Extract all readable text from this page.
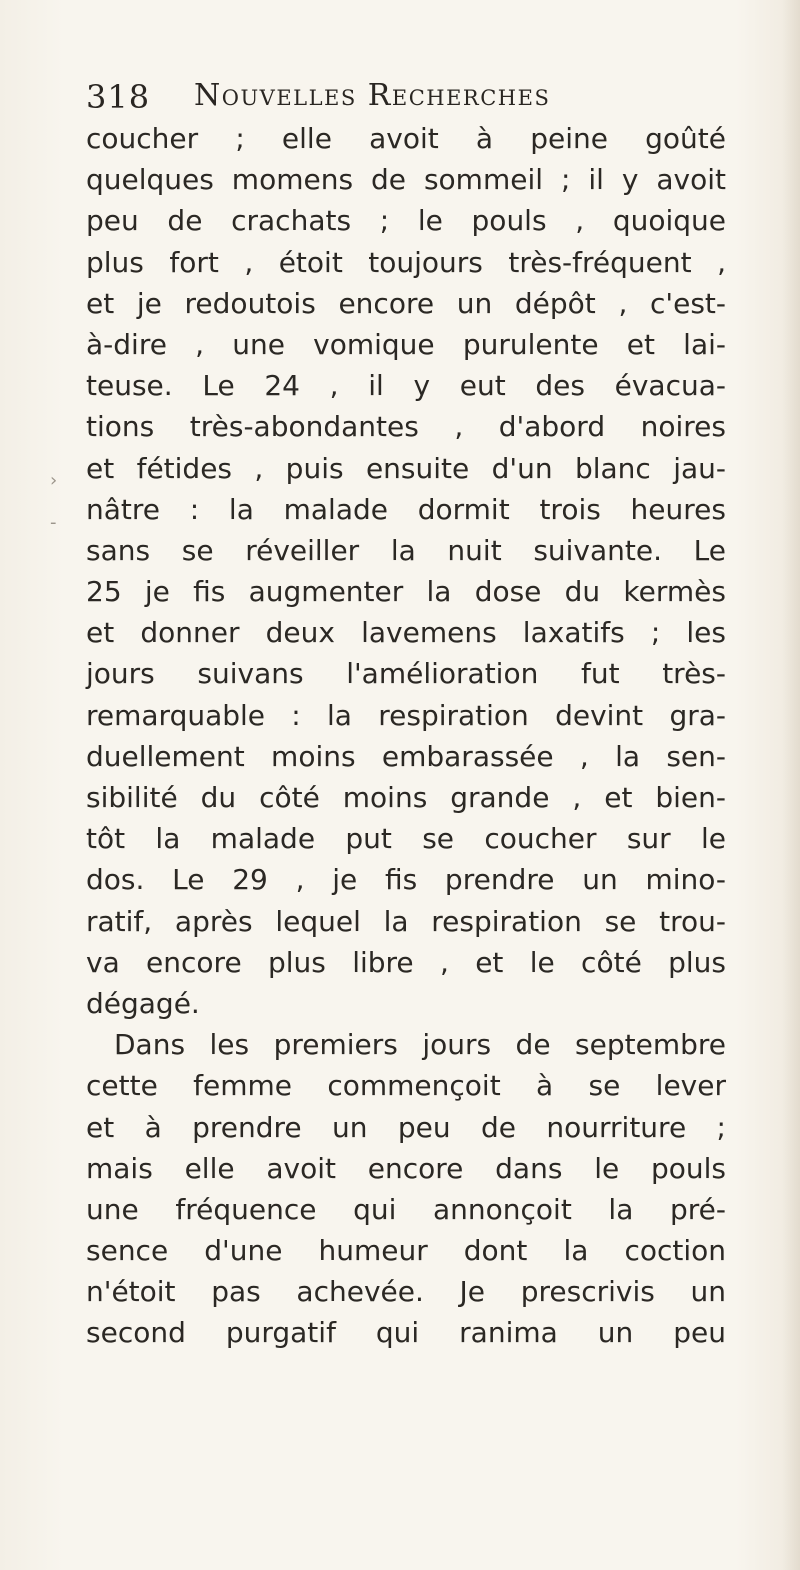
318 Nouvelles Recherches
›
-
coucher ; elle avoit à peine goûté
quelques momens de sommeil ; il y avoit
peu de crachats ; le pouls , quoique
plus fort , étoit toujours très-fréquent ,
et je redoutois encore un dépôt , c'est-
à-dire , une vomique purulente et lai-
teuse. Le 24 , il y eut des évacua-
tions très-abondantes , d'abord noires
et fétides , puis ensuite d'un blanc jau-
nâtre : la malade dormit trois heures
sans se réveiller la nuit suivante. Le
25 je fis augmenter la dose du kermès
et donner deux lavemens laxatifs ; les
jours suivans l'amélioration fut très-
remarquable : la respiration devint gra-
duellement moins embarassée , la sen-
sibilité du côté moins grande , et bien-
tôt la malade put se coucher sur le
dos. Le 29 , je fis prendre un mino-
ratif, après lequel la respiration se trou-
va encore plus libre , et le côté plus
dégagé.
Dans les premiers jours de septembre
cette femme commençoit à se lever
et à prendre un peu de nourriture ;
mais elle avoit encore dans le pouls
une fréquence qui annonçoit la pré-
sence d'une humeur dont la coction
n'étoit pas achevée. Je prescrivis un
second purgatif qui ranima un peu
